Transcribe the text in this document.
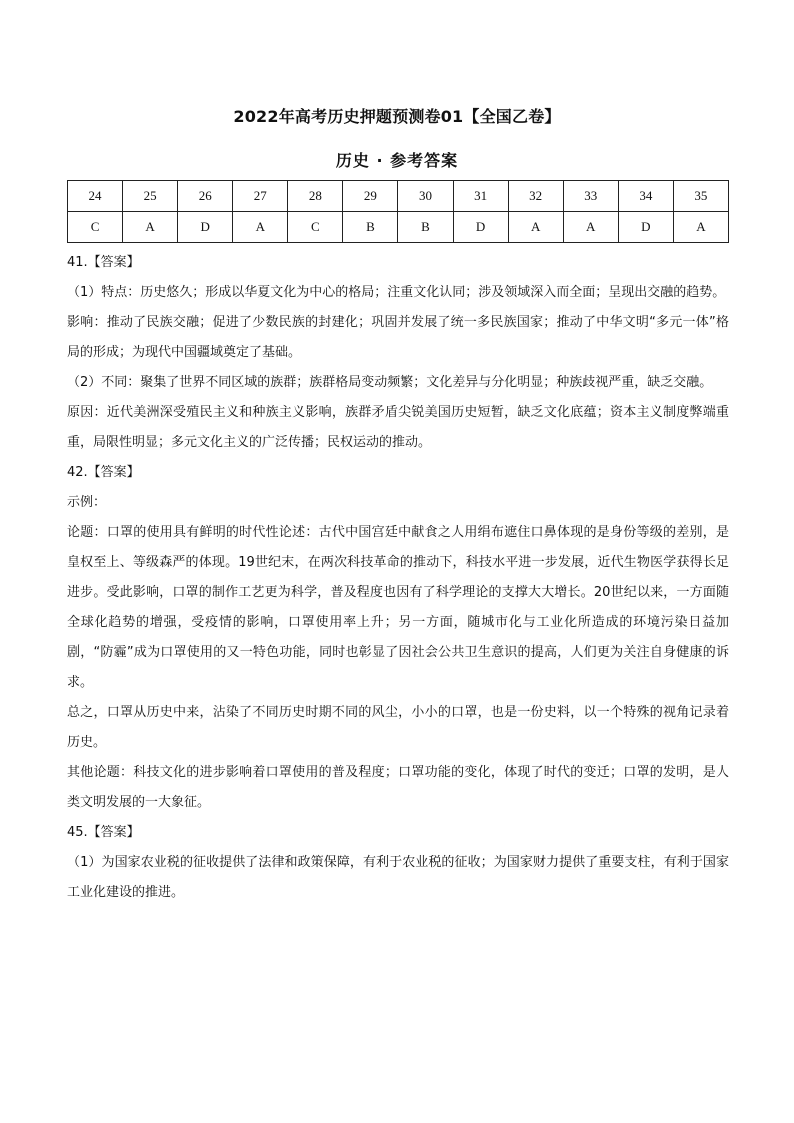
2022年高考历史押题预测卷01【全国乙卷】
历史 · 参考答案
24	25	26	27	28	29	30	31	32	33	34	35
C	A	D	A	C	B	B	D	A	A	D	A

41.【答案】

（1）特点：历史悠久；形成以华夏文化为中心的格局；注重文化认同；涉及领域深入而全面；呈现出交融的趋势。

影响：推动了民族交融；促进了少数民族的封建化；巩固并发展了统一多民族国家；推动了中华文明“多元一体”格局的形成；为现代中国疆域奠定了基础。

（2）不同：聚集了世界不同区域的族群；族群格局变动频繁；文化差异与分化明显；种族歧视严重，缺乏交融。

原因：近代美洲深受殖民主义和种族主义影响，族群矛盾尖锐美国历史短暂，缺乏文化底蕴；资本主义制度弊端重重，局限性明显；多元文化主义的广泛传播；民权运动的推动。

42.【答案】

示例：

论题：口罩的使用具有鲜明的时代性论述：古代中国宫廷中献食之人用绢布遮住口鼻体现的是身份等级的差别，是皇权至上、等级森严的体现。19世纪末，在两次科技革命的推动下，科技水平进一步发展，近代生物医学获得长足进步。受此影响，口罩的制作工艺更为科学，普及程度也因有了科学理论的支撑大大增长。20世纪以来，一方面随全球化趋势的增强，受疫情的影响，口罩使用率上升；另一方面，随城市化与工业化所造成的环境污染日益加剧，“防霾”成为口罩使用的又一特色功能，同时也彰显了因社会公共卫生意识的提高，人们更为关注自身健康的诉求。

总之，口罩从历史中来，沾染了不同历史时期不同的风尘，小小的口罩，也是一份史料，以一个特殊的视角记录着历史。

其他论题：科技文化的进步影响着口罩使用的普及程度；口罩功能的变化，体现了时代的变迁；口罩的发明，是人类文明发展的一大象征。

45.【答案】

（1）为国家农业税的征收提供了法律和政策保障，有利于农业税的征收；为国家财力提供了重要支柱，有利于国家工业化建设的推进。
